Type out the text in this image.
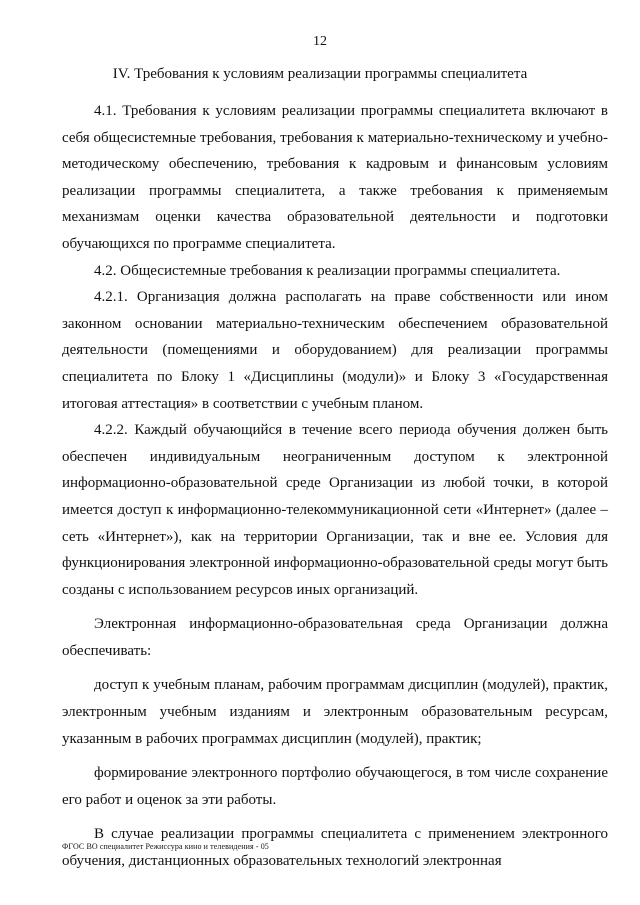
12
IV. Требования к условиям реализации программы специалитета

4.1. Требования к условиям реализации программы специалитета включают в себя общесистемные требования, требования к материально-техническому и учебно-методическому обеспечению, требования к кадровым и финансовым условиям реализации программы специалитета, а также требования к применяемым механизмам оценки качества образовательной деятельности и подготовки обучающихся по программе специалитета.

4.2. Общесистемные требования к реализации программы специалитета.

4.2.1. Организация должна располагать на праве собственности или ином законном основании материально-техническим обеспечением образовательной деятельности (помещениями и оборудованием) для реализации программы специалитета по Блоку 1 «Дисциплины (модули)» и Блоку 3 «Государственная итоговая аттестация» в соответствии с учебным планом.

4.2.2. Каждый обучающийся в течение всего периода обучения должен быть обеспечен индивидуальным неограниченным доступом к электронной информационно-образовательной среде Организации из любой точки, в которой имеется доступ к информационно-телекоммуникационной сети «Интернет» (далее – сеть «Интернет»), как на территории Организации, так и вне ее. Условия для функционирования электронной информационно-образовательной среды могут быть созданы с использованием ресурсов иных организаций.

Электронная информационно-образовательная среда Организации должна обеспечивать:

доступ к учебным планам, рабочим программам дисциплин (модулей), практик, электронным учебным изданиям и электронным образовательным ресурсам, указанным в рабочих программах дисциплин (модулей), практик;

формирование электронного портфолио обучающегося, в том числе сохранение его работ и оценок за эти работы.

В случае реализации программы специалитета с применением электронного обучения, дистанционных образовательных технологий электронная

ФГОС ВО специалитет Режиссура кино и телевидения - 05
